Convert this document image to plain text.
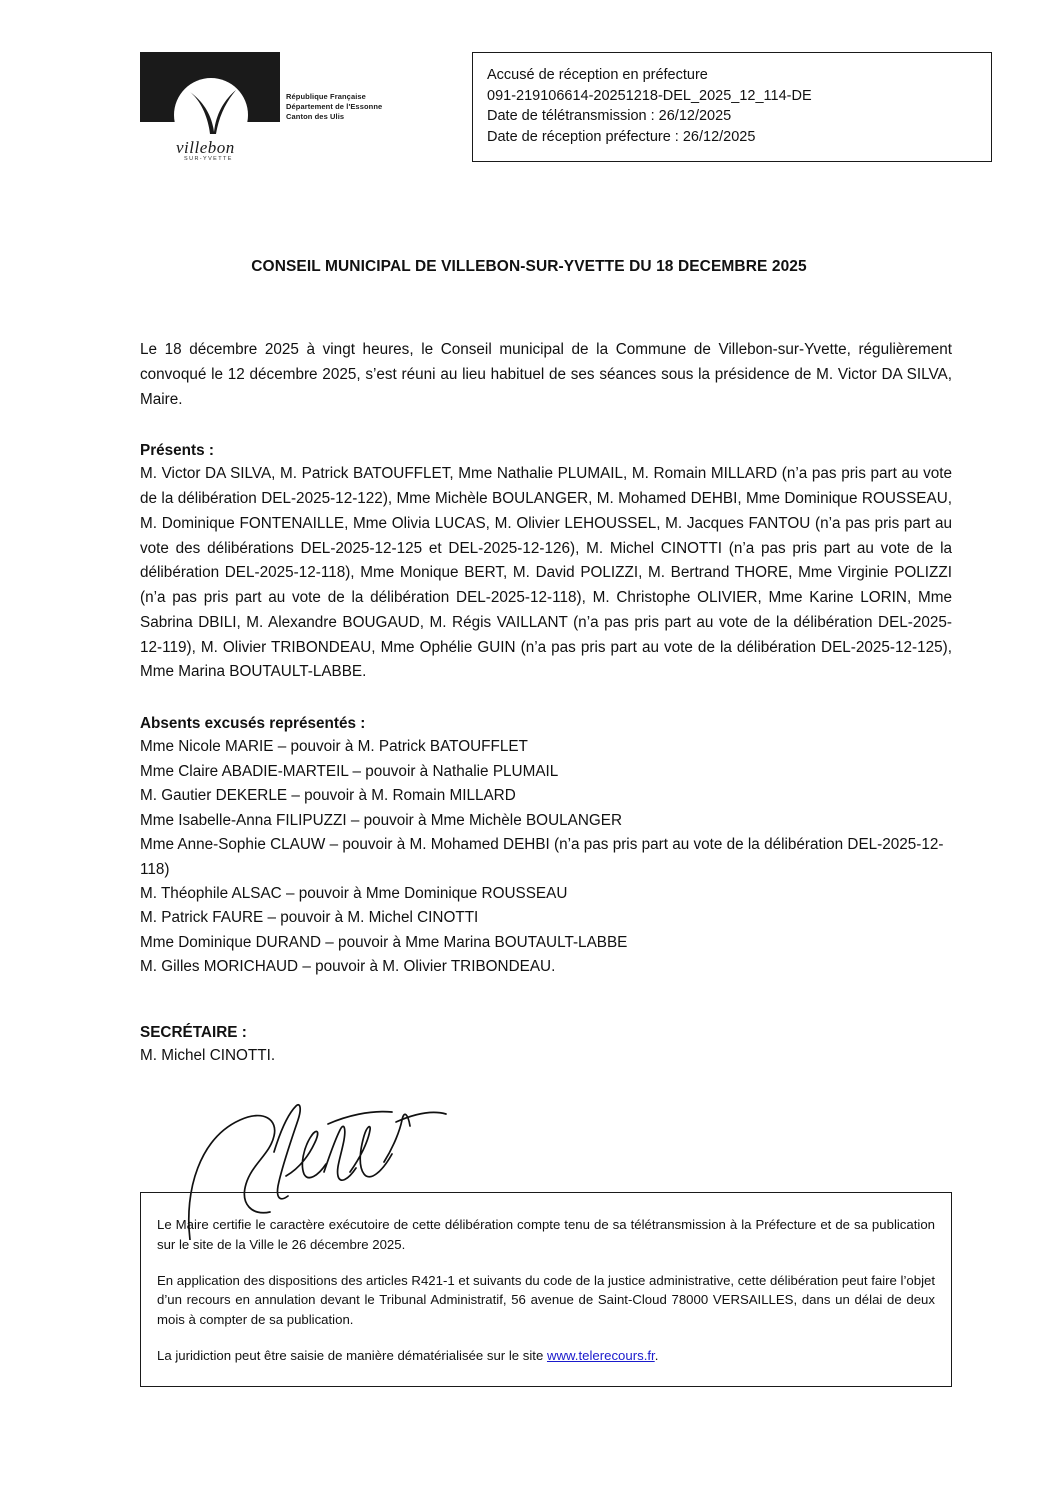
villebon
SUR-YVETTE
République Française
Département de l'Essonne
Canton des Ulis
Accusé de réception en préfecture
091-219106614-20251218-DEL_2025_12_114-DE
Date de télétransmission : 26/12/2025
Date de réception préfecture : 26/12/2025
CONSEIL MUNICIPAL DE VILLEBON-SUR-YVETTE DU 18 DECEMBRE 2025

Le 18 décembre 2025 à vingt heures, le Conseil municipal de la Commune de Villebon-sur-Yvette, régulièrement convoqué le 12 décembre 2025, s’est réuni au lieu habituel de ses séances sous la présidence de M. Victor DA SILVA, Maire.

Présents :

M. Victor DA SILVA, M. Patrick BATOUFFLET, Mme Nathalie PLUMAIL, M. Romain MILLARD (n’a pas pris part au vote de la délibération DEL-2025-12-122), Mme Michèle BOULANGER, M. Mohamed DEHBI, Mme Dominique ROUSSEAU, M. Dominique FONTENAILLE, Mme Olivia LUCAS, M. Olivier LEHOUSSEL, M. Jacques FANTOU (n’a pas pris part au vote des délibérations DEL-2025-12-125 et DEL-2025-12-126), M. Michel CINOTTI (n’a pas pris part au vote de la délibération DEL-2025-12-118), Mme Monique BERT, M. David POLIZZI, M. Bertrand THORE, Mme Virginie POLIZZI (n’a pas pris part au vote de la délibération DEL-2025-12-118), M. Christophe OLIVIER, Mme Karine LORIN, Mme Sabrina DBILI, M. Alexandre BOUGAUD, M. Régis VAILLANT (n’a pas pris part au vote de la délibération DEL-2025-12-119), M. Olivier TRIBONDEAU, Mme Ophélie GUIN (n’a pas pris part au vote de la délibération DEL-2025-12-125), Mme Marina BOUTAULT-LABBE.

Absents excusés représentés :
Mme Nicole MARIE – pouvoir à M. Patrick BATOUFFLET
Mme Claire ABADIE-MARTEIL – pouvoir à Nathalie PLUMAIL
M. Gautier DEKERLE – pouvoir à M. Romain MILLARD
Mme Isabelle-Anna FILIPUZZI – pouvoir à Mme Michèle BOULANGER
Mme Anne-Sophie CLAUW – pouvoir à M. Mohamed DEHBI (n’a pas pris part au vote de la délibération DEL-2025-12-118)
M. Théophile ALSAC – pouvoir à Mme Dominique ROUSSEAU
M. Patrick FAURE – pouvoir à M. Michel CINOTTI
Mme Dominique DURAND – pouvoir à Mme Marina BOUTAULT-LABBE
M. Gilles MORICHAUD – pouvoir à M. Olivier TRIBONDEAU.
SECRÉTAIRE :
M. Michel CINOTTI.

Le Maire certifie le caractère exécutoire de cette délibération compte tenu de sa télétransmission à la Préfecture et de sa publication sur le site de la Ville le 26 décembre 2025.

En application des dispositions des articles R421-1 et suivants du code de la justice administrative, cette délibération peut faire l’objet d’un recours en annulation devant le Tribunal Administratif, 56 avenue de Saint-Cloud 78000 VERSAILLES, dans un délai de deux mois à compter de sa publication.

La juridiction peut être saisie de manière dématérialisée sur le site www.telerecours.fr.
